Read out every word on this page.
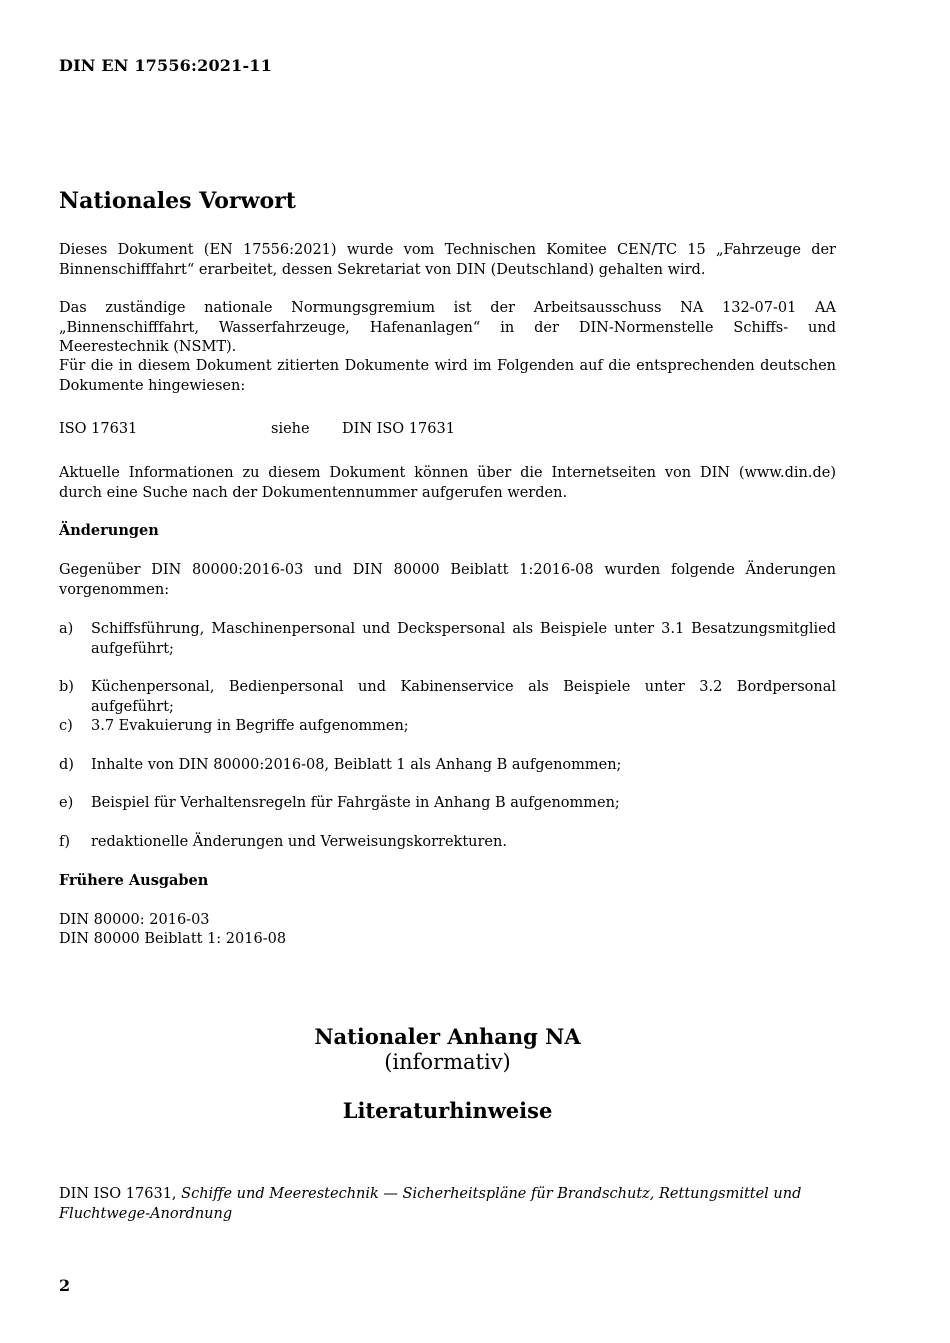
DIN EN 17556:2021-11
Nationales Vorwort
Dieses Dokument (EN 17556:2021) wurde vom Technischen Komitee CEN/TC 15 „Fahrzeuge der Binnenschifffahrt“ erarbeitet, dessen Sekretariat von DIN (Deutschland) gehalten wird.
Das zuständige nationale Normungsgremium ist der Arbeitsausschuss NA 132-07-01 AA „Binnenschifffahrt, Wasserfahrzeuge, Hafenanlagen“ in der DIN-Normenstelle Schiffs- und Meerestechnik (NSMT).
Für die in diesem Dokument zitierten Dokumente wird im Folgenden auf die entsprechenden deutschen Dokumente hingewiesen:
ISO 17631	siehe DIN ISO 17631
Aktuelle Informationen zu diesem Dokument können über die Internetseiten von DIN (www.din.de) durch eine Suche nach der Dokumentennummer aufgerufen werden.
Änderungen
Gegenüber DIN 80000:2016-03 und DIN 80000 Beiblatt 1:2016-08 wurden folgende Änderungen vorgenommen:
a) Schiffsführung, Maschinenpersonal und Deckspersonal als Beispiele unter 3.1 Besatzungsmitglied aufgeführt;
b) Küchenpersonal, Bedienpersonal und Kabinenservice als Beispiele unter 3.2 Bordpersonal aufgeführt;
c) 3.7 Evakuierung in Begriffe aufgenommen;
d) Inhalte von DIN 80000:2016-08, Beiblatt 1 als Anhang B aufgenommen;
e) Beispiel für Verhaltensregeln für Fahrgäste in Anhang B aufgenommen;
f) redaktionelle Änderungen und Verweisungskorrekturen.
Frühere Ausgaben
DIN 80000: 2016-03
DIN 80000 Beiblatt 1: 2016-08
Nationaler Anhang NA
(informativ)
Literaturhinweise
DIN ISO 17631, Schiffe und Meerestechnik — Sicherheitspläne für Brandschutz, Rettungsmittel und Fluchtwege-Anordnung
2
